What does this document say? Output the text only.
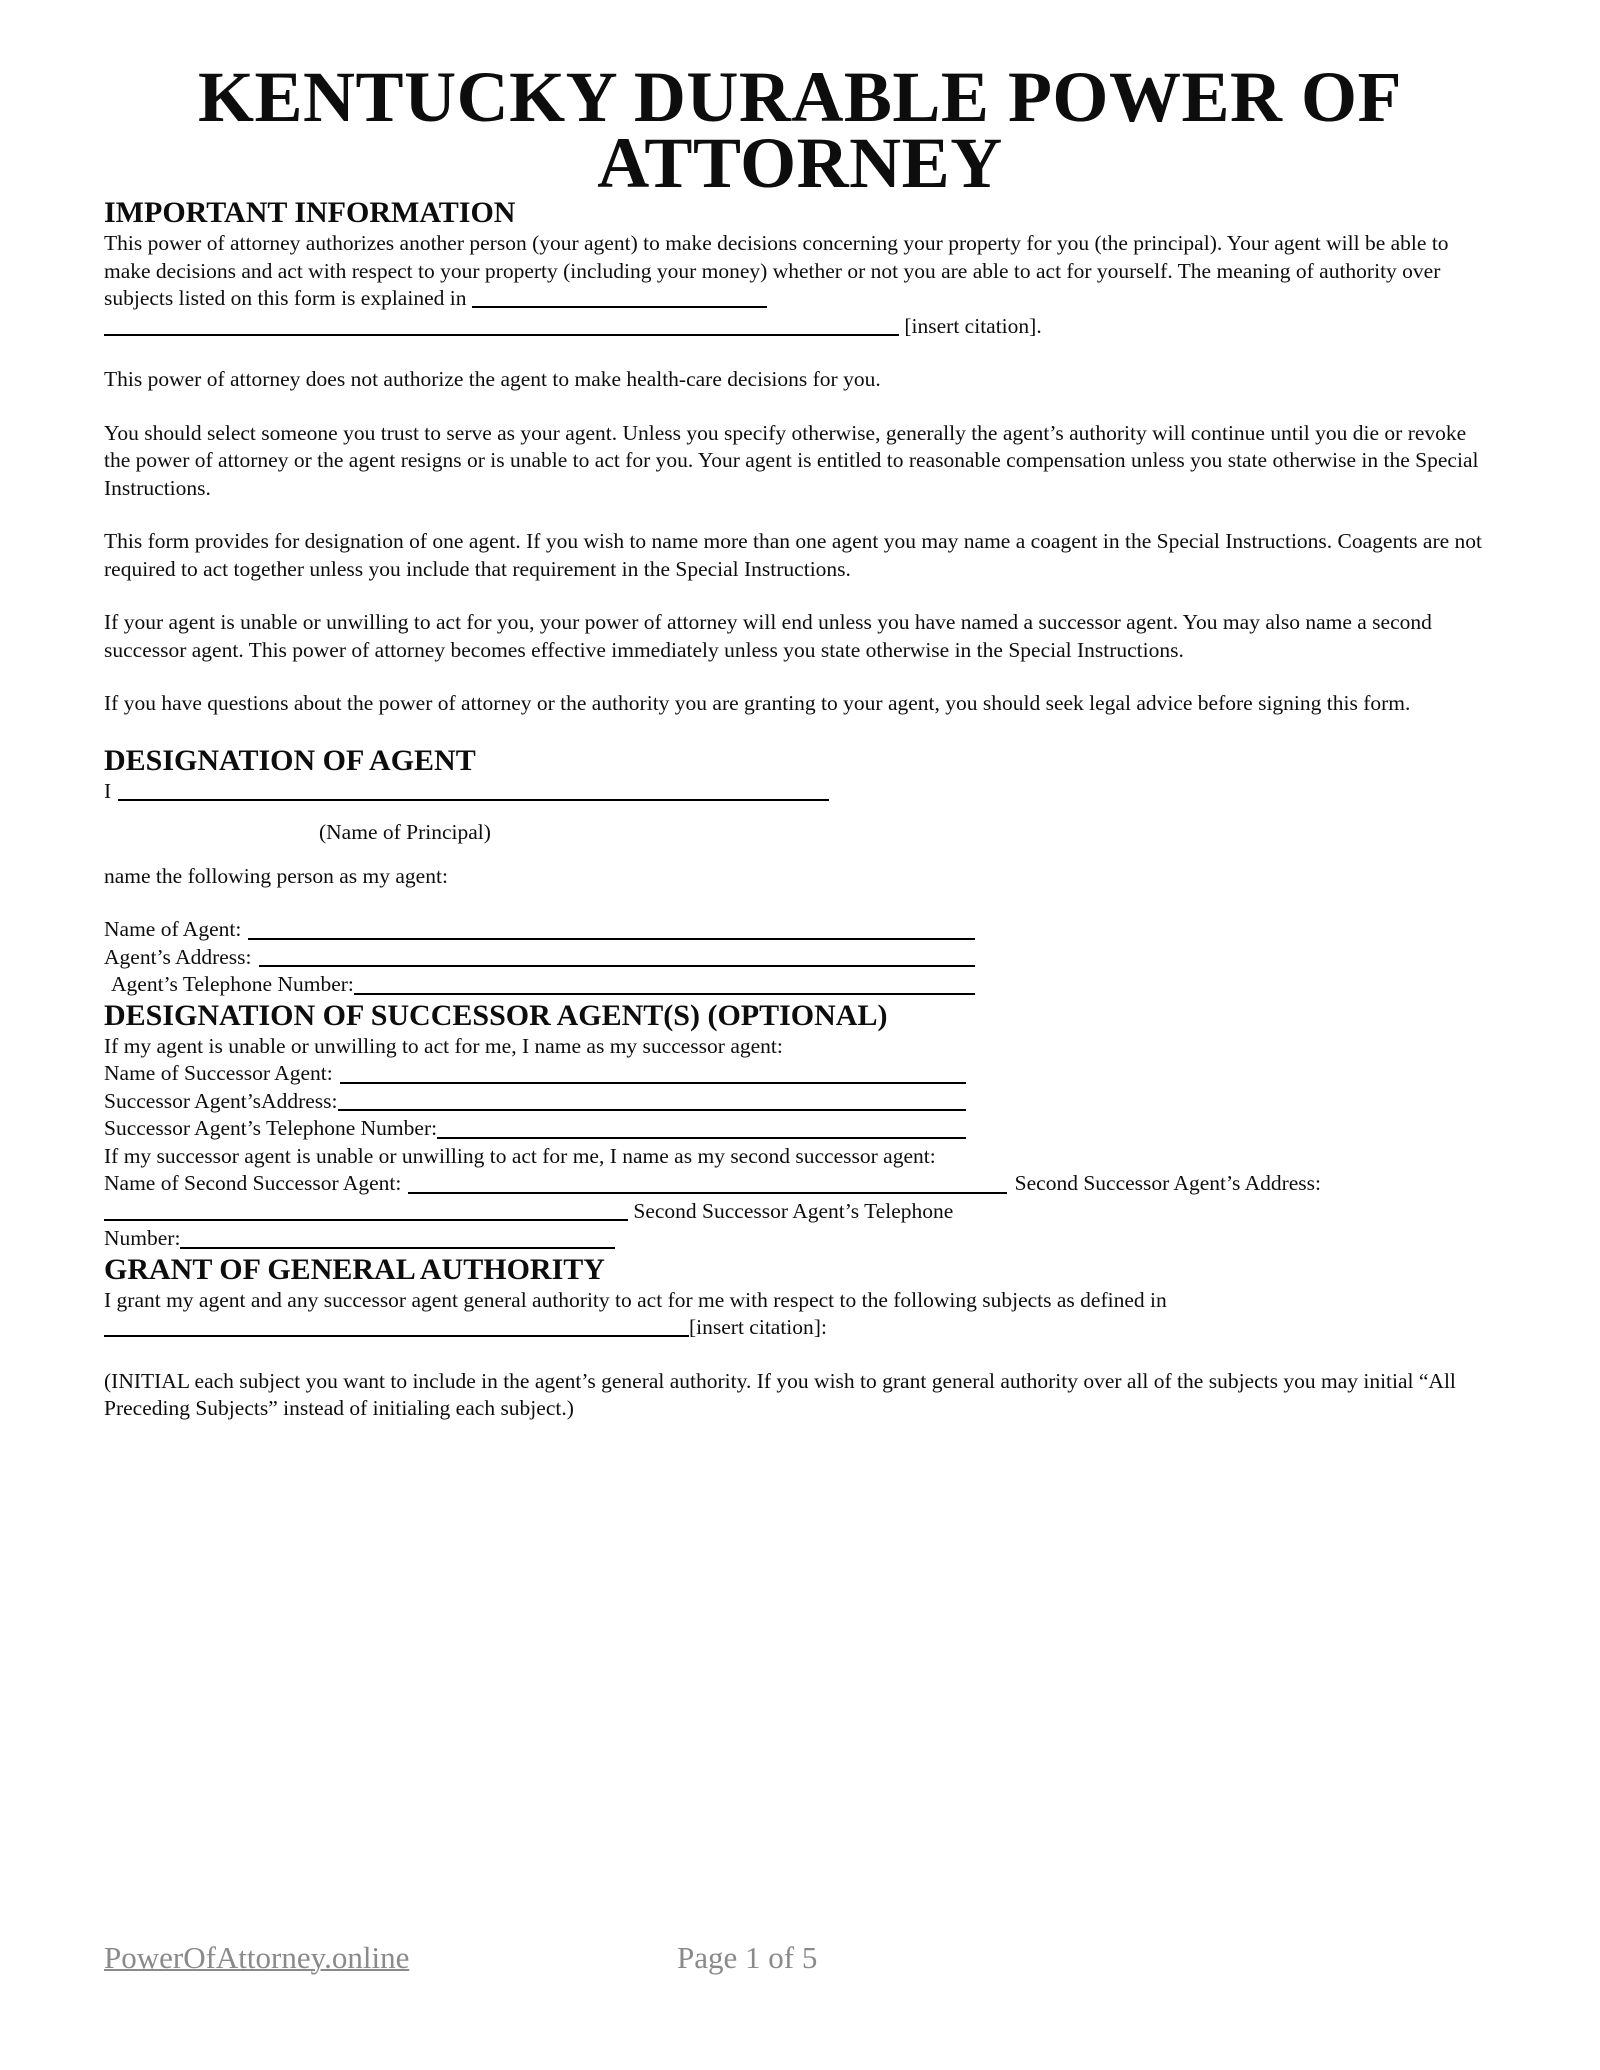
KENTUCKY DURABLE POWER OF ATTORNEY
IMPORTANT INFORMATION

This power of attorney authorizes another person (your agent) to make decisions concerning your property for you (the principal). Your agent will be able to make decisions and act with respect to your property (including your money) whether or not you are able to act for yourself. The meaning of authority over subjects listed on this form is explained in   [insert citation].

This power of attorney does not authorize the agent to make health-care decisions for you.

You should select someone you trust to serve as your agent. Unless you specify otherwise, generally the agent’s authority will continue until you die or revoke the power of attorney or the agent resigns or is unable to act for you. Your agent is entitled to reasonable compensation unless you state otherwise in the Special Instructions.

This form provides for designation of one agent. If you wish to name more than one agent you may name a coagent in the Special Instructions. Coagents are not required to act together unless you include that requirement in the Special Instructions.

If your agent is unable or unwilling to act for you, your power of attorney will end unless you have named a successor agent. You may also name a second successor agent. This power of attorney becomes effective immediately unless you state otherwise in the Special Instructions.

If you have questions about the power of attorney or the authority you are granting to your agent, you should seek legal advice before signing this form.

DESIGNATION OF AGENT
I
(Name of Principal)

name the following person as my agent:

Name of Agent:
Agent’s Address:
Agent’s Telephone Number:
DESIGNATION OF SUCCESSOR AGENT(S) (OPTIONAL)
If my agent is unable or unwilling to act for me, I name as my successor agent:
Name of Successor Agent:
Successor Agent’sAddress:
Successor Agent’s Telephone Number:
If my successor agent is unable or unwilling to act for me, I name as my second successor agent:
Name of Second Successor Agent:	Second Successor Agent’s Address:
Second Successor Agent’s Telephone
Number:
GRANT OF GENERAL AUTHORITY

I grant my agent and any successor agent general authority to act for me with respect to the following subjects as defined in [insert citation]:

(INITIAL each subject you want to include in the agent’s general authority. If you wish to grant general authority over all of the subjects you may initial “All Preceding Subjects” instead of initialing each subject.)

PowerOfAttorney.online	Page 1 of 5
